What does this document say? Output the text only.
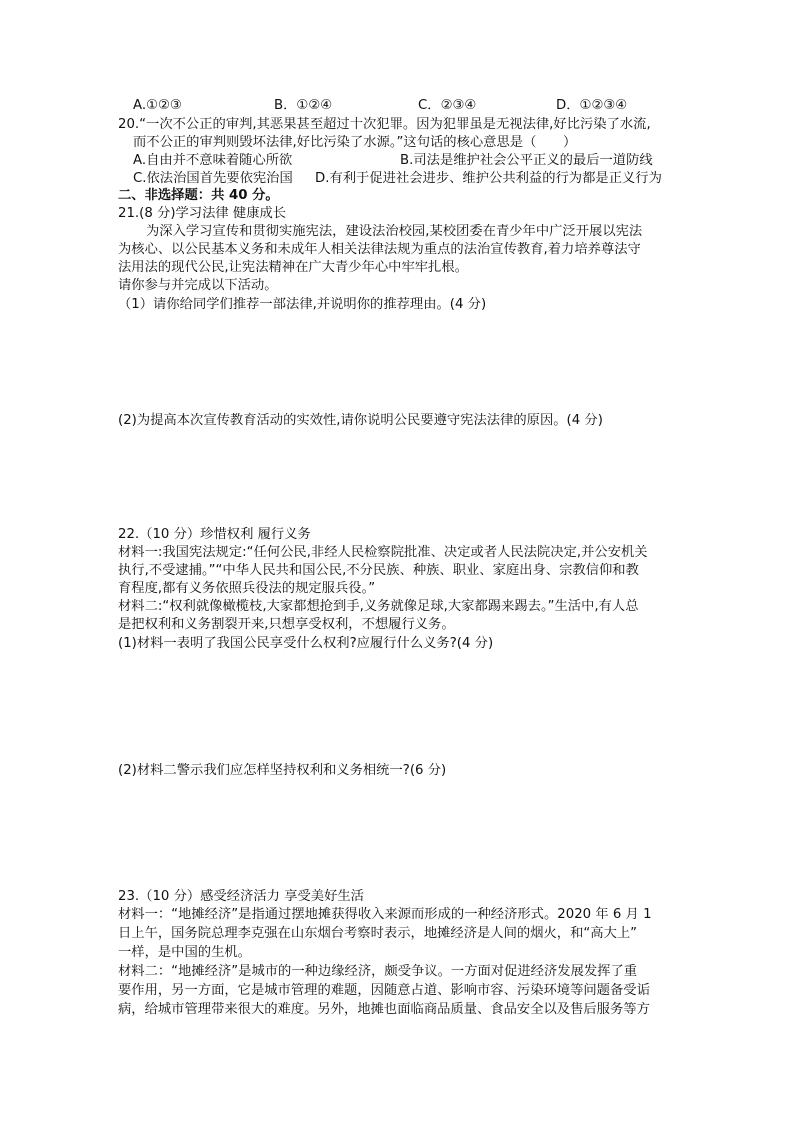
A.①②③	B．①②④	C．②③④	D．①②③④
20.“一次不公正的审判,其恶果甚至超过十次犯罪。因为犯罪虽是无视法律,好比污染了水流,
而不公正的审判则毁坏法律,好比污染了水源。”这句话的核心意思是（　　）
A.自由并不意味着随心所欲	B.司法是维护社会公平正义的最后一道防线
C.依法治国首先要依宪治国 D.有利于促进社会进步、维护公共利益的行为都是正义行为
二、非选择题：共 40 分。
21.(8 分)学习法律 健康成长
为深入学习宣传和贯彻实施宪法，建设法治校园,某校团委在青少年中广泛开展以宪法
为核心、以公民基本义务和未成年人相关法律法规为重点的法治宣传教育,着力培养尊法守
法用法的现代公民,让宪法精神在广大青少年心中牢牢扎根。
请你参与并完成以下活动。
（1）请你给同学们推荐一部法律,并说明你的推荐理由。(4 分)
(2)为提高本次宣传教育活动的实效性,请你说明公民要遵守宪法法律的原因。(4 分)
22.（10 分）珍惜权利 履行义务
材料一:我国宪法规定:“任何公民,非经人民检察院批准、决定或者人民法院决定,并公安机关
执行,不受逮捕。”“中华人民共和国公民,不分民族、种族、职业、家庭出身、宗教信仰和教
育程度,都有义务依照兵役法的规定服兵役。”
材料二:“权利就像橄榄枝,大家都想抢到手,义务就像足球,大家都踢来踢去。”生活中,有人总
是把权利和义务割裂开来,只想享受权利，不想履行义务。
(1)材料一表明了我国公民享受什么权利?应履行什么义务?(4 分)
(2)材料二警示我们应怎样坚持权利和义务相统一?(6 分)
23.（10 分）感受经济活力 享受美好生活
材料一：“地摊经济”是指通过摆地摊获得收入来源而形成的一种经济形式。2020 年 6 月 1
日上午，国务院总理李克强在山东烟台考察时表示，地摊经济是人间的烟火，和“高大上”
一样，是中国的生机。
材料二：“地摊经济”是城市的一种边缘经济，颇受争议。一方面对促进经济发展发挥了重
要作用，另一方面，它是城市管理的难题，因随意占道、影响市容、污染环境等问题备受诟
病，给城市管理带来很大的难度。另外，地摊也面临商品质量、食品安全以及售后服务等方
